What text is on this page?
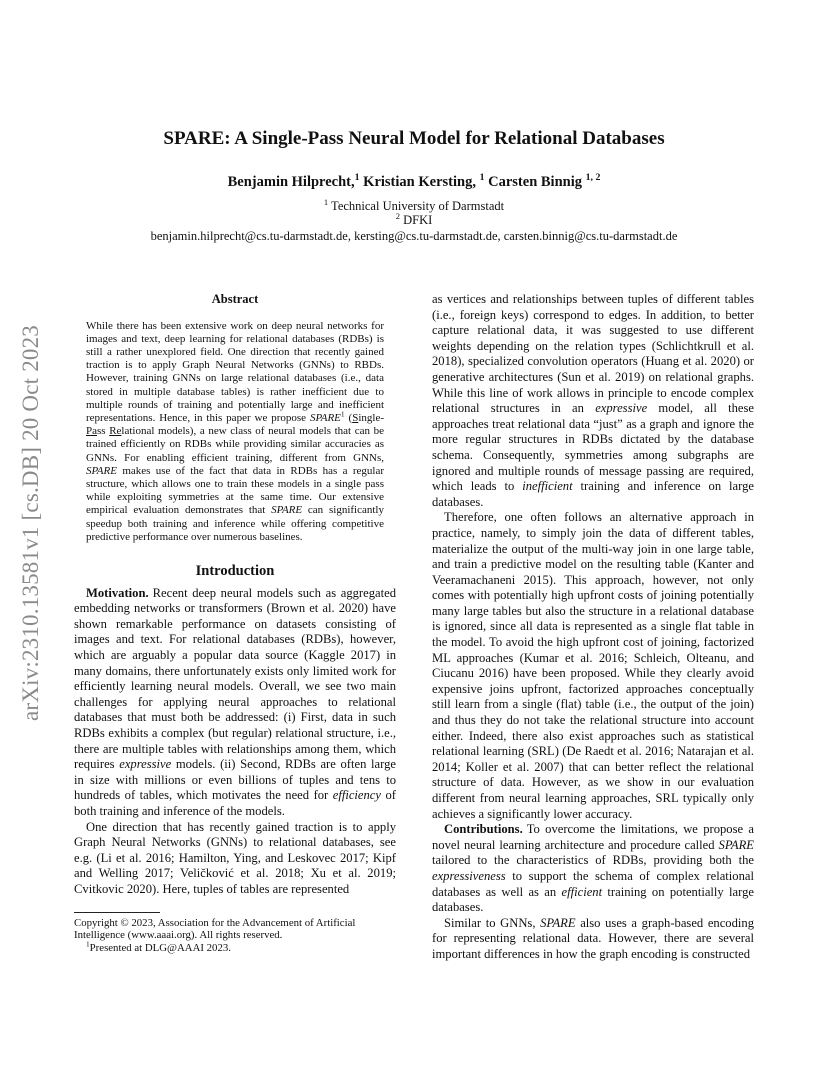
arXiv:2310.13581v1 [cs.DB] 20 Oct 2023
SPARE: A Single-Pass Neural Model for Relational Databases
Benjamin Hilprecht,$^1$ Kristian Kersting, $^1$ Carsten Binnig $^{1, 2}$
$^1$ Technical University of Darmstadt
$^2$ DFKI
benjamin.hilprecht@cs.tu-darmstadt.de, kersting@cs.tu-darmstadt.de, carsten.binnig@cs.tu-darmstadt.de
Abstract

While there has been extensive work on deep neural networks for images and text, deep learning for relational databases (RDBs) is still a rather unexplored field. One direction that recently gained traction is to apply Graph Neural Networks (GNNs) to RBDs. However, training GNNs on large relational databases (i.e., data stored in multiple database tables) is rather inefficient due to multiple rounds of training and potentially large and inefficient representations. Hence, in this paper we propose SPARE$^1$ (Single-Pass Relational models), a new class of neural models that can be trained efficiently on RDBs while providing similar accuracies as GNNs. For enabling efficient training, different from GNNs, SPARE makes use of the fact that data in RDBs has a regular structure, which allows one to train these models in a single pass while exploiting symmetries at the same time. Our extensive empirical evaluation demonstrates that SPARE can significantly speedup both training and inference while offering competitive predictive performance over numerous baselines.

Introduction

Motivation. Recent deep neural models such as aggregated embedding networks or transformers (Brown et al. 2020) have shown remarkable performance on datasets consisting of images and text. For relational databases (RDBs), however, which are arguably a popular data source (Kaggle 2017) in many domains, there unfortunately exists only limited work for efficiently learning neural models. Overall, we see two main challenges for applying neural approaches to relational databases that must both be addressed: (i) First, data in such RDBs exhibits a complex (but regular) relational structure, i.e., there are multiple tables with relationships among them, which requires expressive models. (ii) Second, RDBs are often large in size with millions or even billions of tuples and tens to hundreds of tables, which motivates the need for efficiency of both training and inference of the models.

One direction that has recently gained traction is to apply Graph Neural Networks (GNNs) to relational databases, see e.g. (Li et al. 2016; Hamilton, Ying, and Leskovec 2017; Kipf and Welling 2017; Veličković et al. 2018; Xu et al. 2019; Cvitkovic 2020). Here, tuples of tables are represented

Copyright © 2023, Association for the Advancement of Artificial Intelligence (www.aaai.org). All rights reserved.

$^1$Presented at DLG@AAAI 2023.

as vertices and relationships between tuples of different tables (i.e., foreign keys) correspond to edges. In addition, to better capture relational data, it was suggested to use different weights depending on the relation types (Schlichtkrull et al. 2018), specialized convolution operators (Huang et al. 2020) or generative architectures (Sun et al. 2019) on relational graphs. While this line of work allows in principle to encode complex relational structures in an expressive model, all these approaches treat relational data “just” as a graph and ignore the more regular structures in RDBs dictated by the database schema. Consequently, symmetries among subgraphs are ignored and multiple rounds of message passing are required, which leads to inefficient training and inference on large databases.

Therefore, one often follows an alternative approach in practice, namely, to simply join the data of different tables, materialize the output of the multi-way join in one large table, and train a predictive model on the resulting table (Kanter and Veeramachaneni 2015). This approach, however, not only comes with potentially high upfront costs of joining potentially many large tables but also the structure in a relational database is ignored, since all data is represented as a single flat table in the model. To avoid the high upfront cost of joining, factorized ML approaches (Kumar et al. 2016; Schleich, Olteanu, and Ciucanu 2016) have been proposed. While they clearly avoid expensive joins upfront, factorized approaches conceptually still learn from a single (flat) table (i.e., the output of the join) and thus they do not take the relational structure into account either. Indeed, there also exist approaches such as statistical relational learning (SRL) (De Raedt et al. 2016; Natarajan et al. 2014; Koller et al. 2007) that can better reflect the relational structure of data. However, as we show in our evaluation different from neural learning approaches, SRL typically only achieves a significantly lower accuracy.

Contributions. To overcome the limitations, we propose a novel neural learning architecture and procedure called SPARE tailored to the characteristics of RDBs, providing both the expressiveness to support the schema of complex relational databases as well as an efficient training on potentially large databases.

Similar to GNNs, SPARE also uses a graph-based encoding for representing relational data. However, there are several important differences in how the graph encoding is constructed
